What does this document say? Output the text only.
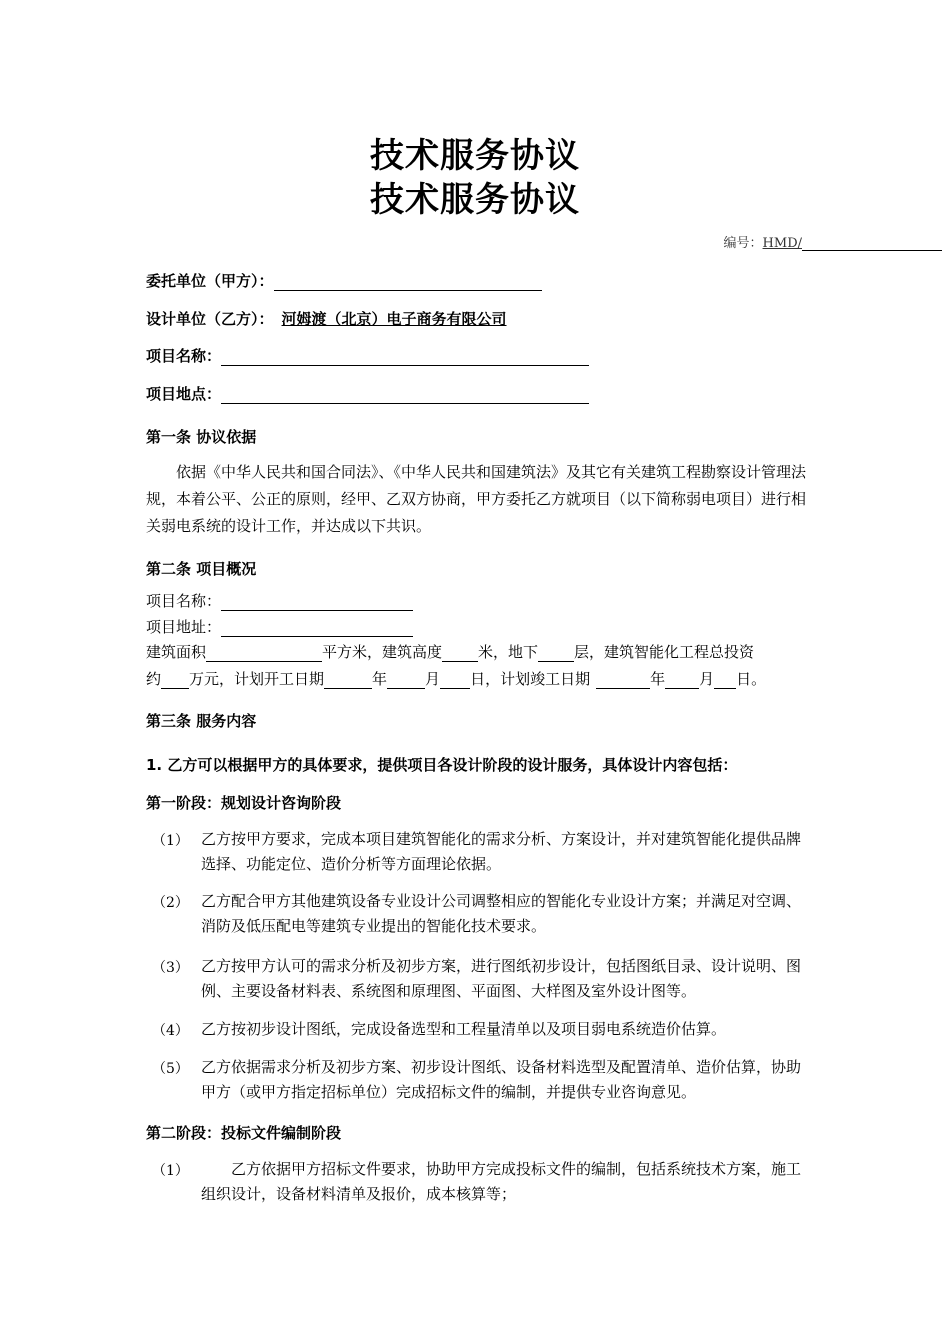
技术服务协议
技术服务协议
编号：HMD/
委托单位（甲方）：
设计单位（乙方）： 河姆渡（北京）电子商务有限公司
项目名称：
项目地点：
第一条 协议依据
依据《中华人民共和国合同法》、《中华人民共和国建筑法》及其它有关建筑工程勘察设计管理法规，本着公平、公正的原则，经甲、乙双方协商，甲方委托乙方就项目（以下简称弱电项目）进行相关弱电系统的设计工作，并达成以下共识。
第二条 项目概况
项目名称：
项目地址：
建筑面积	平方米，建筑高度 米，地下 层，建筑智能化工程总投资
约 万元，计划开工日期	年	月 日，计划竣工日期	年 月 日。
第三条 服务内容
1. 乙方可以根据甲方的具体要求，提供项目各设计阶段的设计服务，具体设计内容包括：
第一阶段：规划设计咨询阶段
（1） 乙方按甲方要求，完成本项目建筑智能化的需求分析、方案设计，并对建筑智能化提供品牌选择、功能定位、造价分析等方面理论依据。
（2） 乙方配合甲方其他建筑设备专业设计公司调整相应的智能化专业设计方案；并满足对空调、消防及低压配电等建筑专业提出的智能化技术要求。
（3） 乙方按甲方认可的需求分析及初步方案，进行图纸初步设计，包括图纸目录、设计说明、图例、主要设备材料表、系统图和原理图、平面图、大样图及室外设计图等。
（4） 乙方按初步设计图纸，完成设备选型和工程量清单以及项目弱电系统造价估算。
（5） 乙方依据需求分析及初步方案、初步设计图纸、设备材料选型及配置清单、造价估算，协助甲方（或甲方指定招标单位）完成招标文件的编制，并提供专业咨询意见。
第二阶段：投标文件编制阶段
（1）	乙方依据甲方招标文件要求，协助甲方完成投标文件的编制，包括系统技术方案，施工组织设计，设备材料清单及报价，成本核算等；
